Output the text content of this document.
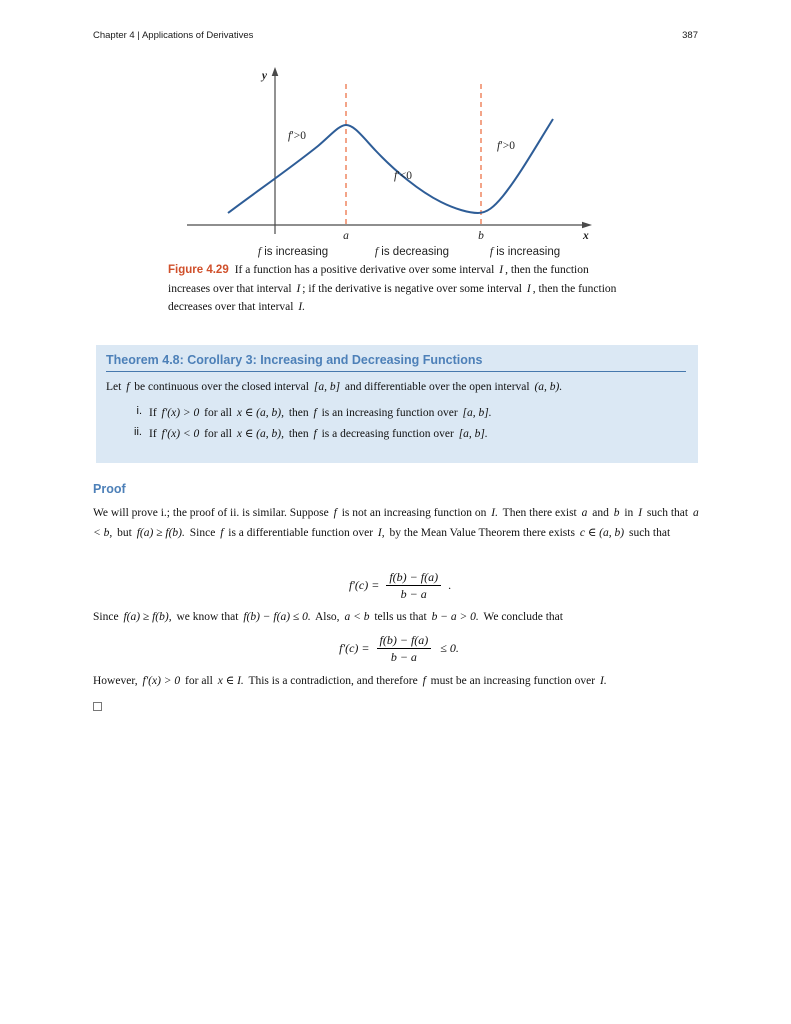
Chapter 4 | Applications of Derivatives	387
y
x
f′>0
f′<0
f′>0
a	b
f is increasing	f is decreasing	f is increasing
Figure 4.29 If a function has a positive derivative over some interval I , then the function increases over that interval I ; if the derivative is negative over some interval I , then the function decreases over that interval I.
Theorem 4.8: Corollary 3: Increasing and Decreasing Functions
Let f be continuous over the closed interval [a, b] and differentiable over the open interval (a, b).
i. If f′(x) > 0 for all x ∈ (a, b), then f is an increasing function over [a, b].
ii. If f′(x) < 0 for all x ∈ (a, b), then f is a decreasing function over [a, b].
Proof
We will prove i.; the proof of ii. is similar. Suppose f is not an increasing function on I. Then there exist a and b in I such that a < b, but f(a) ≥ f(b). Since f is a differentiable function over I, by the Mean Value Theorem there exists c ∈ (a, b) such that
$f'(c) = \frac{f(b) - f(a)}{b - a}$ .
Since f(a) ≥ f(b), we know that f(b) − f(a) ≤ 0. Also, a < b tells us that b − a > 0. We conclude that
$f'(c) = \frac{f(b) - f(a)}{b - a} \le 0$.
However, f′(x) > 0 for all x ∈ I. This is a contradiction, and therefore f must be an increasing function over I.
